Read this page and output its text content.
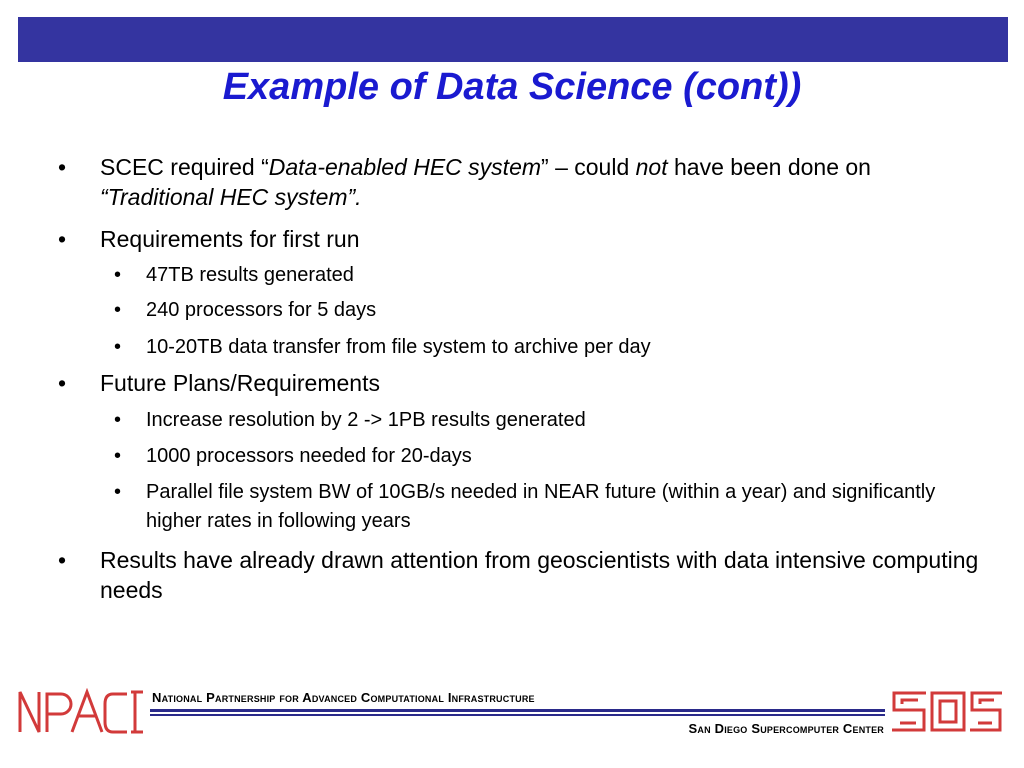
Example of Data Science (cont))
• SCEC required “Data-enabled HEC system” – could not have been done on “Traditional HEC system”.
• Requirements for first run
• 47TB results generated
• 240 processors for 5 days
• 10-20TB data transfer from file system to archive per day
• Future Plans/Requirements
• Increase resolution by 2 -> 1PB results generated
• 1000 processors needed for 20-days
• Parallel file system BW of 10GB/s needed in NEAR future (within a year) and significantly higher rates in following years
• Results have already drawn attention from geoscientists with data intensive computing needs
National Partnership for Advanced Computational Infrastructure
San Diego Supercomputer Center
